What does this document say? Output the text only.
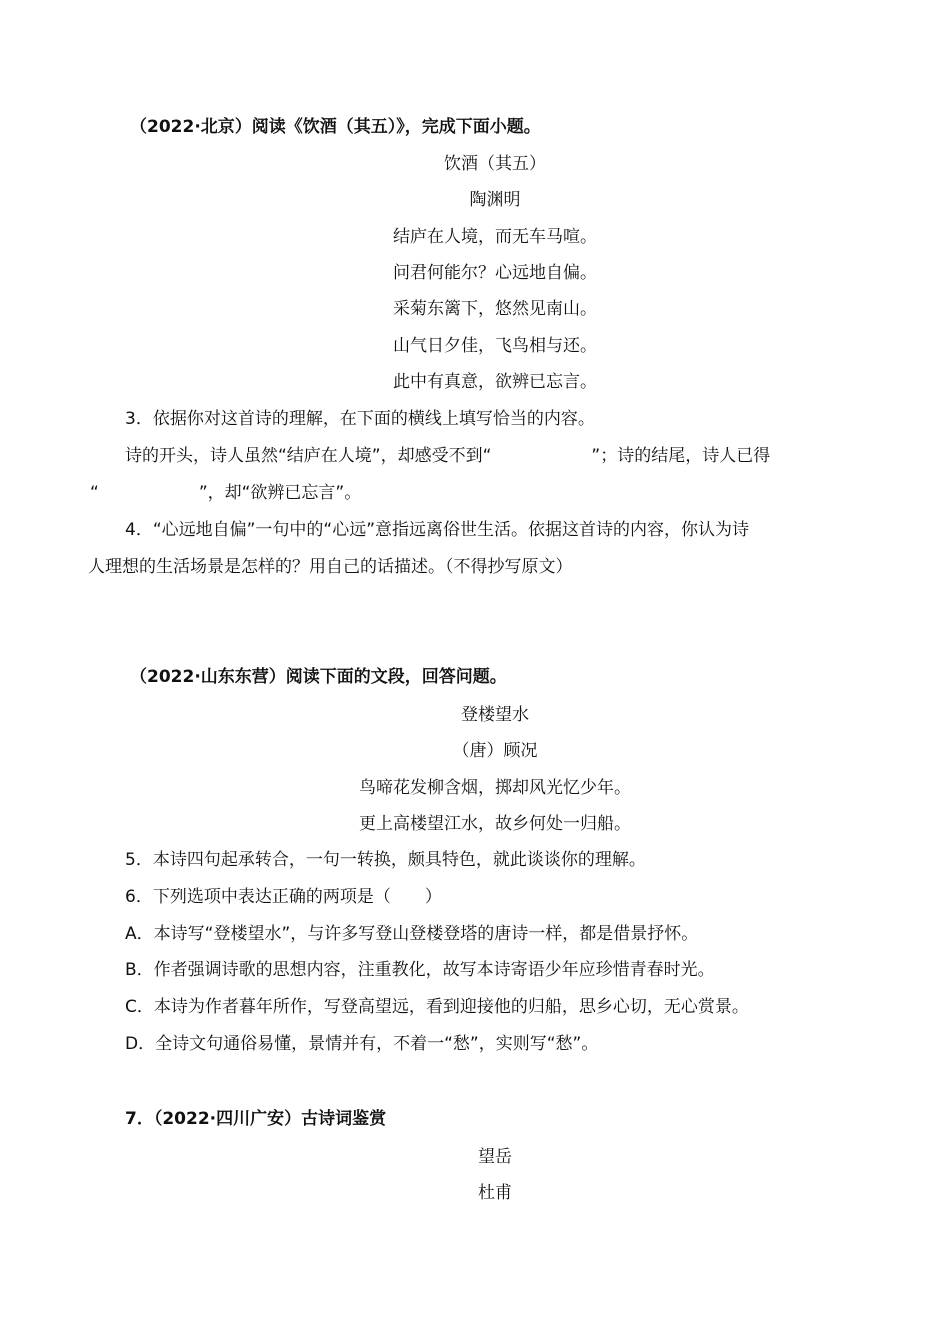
（2022·北京）阅读《饮酒（其五）》，完成下面小题。
饮酒（其五）
陶渊明
结庐在人境，而无车马喧。
问君何能尔？心远地自偏。
采菊东篱下，悠然见南山。
山气日夕佳，飞鸟相与还。
此中有真意，欲辨已忘言。
3．依据你对这首诗的理解，在下面的横线上填写恰当的内容。
诗的开头，诗人虽然“结庐在人境”，却感受不到“	”；诗的结尾，诗人已得
“	”，却“欲辨已忘言”。
4．“心远地自偏”一句中的“心远”意指远离俗世生活。依据这首诗的内容，你认为诗
人理想的生活场景是怎样的？用自己的话描述。（不得抄写原文）
（2022·山东东营）阅读下面的文段，回答问题。
登楼望水
（唐）顾况
鸟啼花发柳含烟，掷却风光忆少年。
更上高楼望江水，故乡何处一归船。
5．本诗四句起承转合，一句一转换，颇具特色，就此谈谈你的理解。
6．下列选项中表达正确的两项是（　　）
A．本诗写“登楼望水”，与许多写登山登楼登塔的唐诗一样，都是借景抒怀。
B．作者强调诗歌的思想内容，注重教化，故写本诗寄语少年应珍惜青春时光。
C．本诗为作者暮年所作，写登高望远，看到迎接他的归船，思乡心切，无心赏景。
D．全诗文句通俗易懂，景情并有，不着一“愁”，实则写“愁”。
7．（2022·四川广安）古诗词鉴赏
望岳
杜甫
